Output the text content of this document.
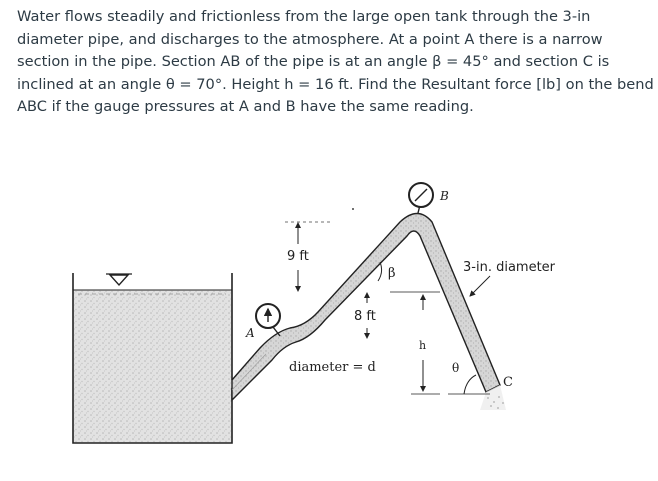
Water flows steadily and frictionless from the large open tank through the 3-in
diameter pipe, and discharges to the atmosphere. At a point A there is a narrow
section in the pipe. Section AB of the pipe is at an angle β = 45° and section C is
inclined at an angle θ = 70°. Height h = 16 ft. Find the Resultant force [lb] on the bend
ABC if the gauge pressures at A and B have the same reading.
9 ft
8 ft
β
h
θ
3-in. diameter
diameter = d
A
B
C
